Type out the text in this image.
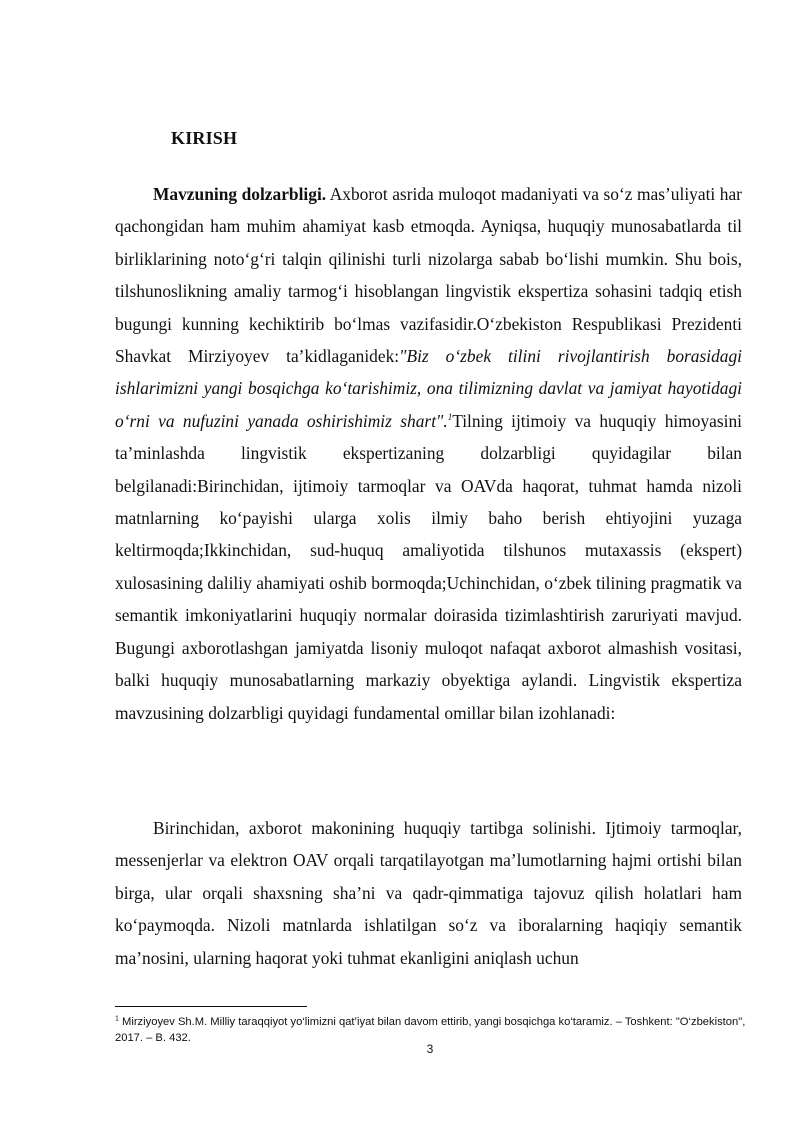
KIRISH

Mavzuning dolzarbligi. Axborot asrida muloqot madaniyati va so‘z mas’uliyati har qachongidan ham muhim ahamiyat kasb etmoqda. Ayniqsa, huquqiy munosabatlarda til birliklarining noto‘g‘ri talqin qilinishi turli nizolarga sabab bo‘lishi mumkin. Shu bois, tilshunoslikning amaliy tarmog‘i hisoblangan lingvistik ekspertiza sohasini tadqiq etish bugungi kunning kechiktirib bo‘lmas vazifasidir.O‘zbekiston Respublikasi Prezidenti Shavkat Mirziyoyev ta’kidlaganidek:"Biz o‘zbek tilini rivojlantirish borasidagi ishlarimizni yangi bosqichga ko‘tarishimiz, ona tilimizning davlat va jamiyat hayotidagi o‘rni va nufuzini yanada oshirishimiz shart".$^1$Tilning ijtimoiy va huquqiy himoyasini ta’minlashda lingvistik ekspertizaning dolzarbligi quyidagilar bilan belgilanadi:Birinchidan, ijtimoiy tarmoqlar va OAVda haqorat, tuhmat hamda nizoli matnlarning ko‘payishi ularga xolis ilmiy baho berish ehtiyojini yuzaga keltirmoqda;Ikkinchidan, sud-huquq amaliyotida tilshunos mutaxassis (ekspert) xulosasining daliliy ahamiyati oshib bormoqda;Uchinchidan, o‘zbek tilining pragmatik va semantik imkoniyatlarini huquqiy normalar doirasida tizimlashtirish zaruriyati mavjud. Bugungi axborotlashgan jamiyatda lisoniy muloqot nafaqat axborot almashish vositasi, balki huquqiy munosabatlarning markaziy obyektiga aylandi. Lingvistik ekspertiza mavzusining dolzarbligi quyidagi fundamental omillar bilan izohlanadi:

Birinchidan, axborot makonining huquqiy tartibga solinishi. Ijtimoiy tarmoqlar, messenjerlar va elektron OAV orqali tarqatilayotgan ma’lumotlarning hajmi ortishi bilan birga, ular orqali shaxsning sha’ni va qadr-qimmatiga tajovuz qilish holatlari ham ko‘paymoqda. Nizoli matnlarda ishlatilgan so‘z va iboralarning haqiqiy semantik ma’nosini, ularning haqorat yoki tuhmat ekanligini aniqlash uchun

$^1$ Mirziyoyev Sh.M. Milliy taraqqiyot yo‘limizni qat’iyat bilan davom ettirib, yangi bosqichga ko‘taramiz. – Toshkent: "O‘zbekiston", 2017. – B. 432.

3
